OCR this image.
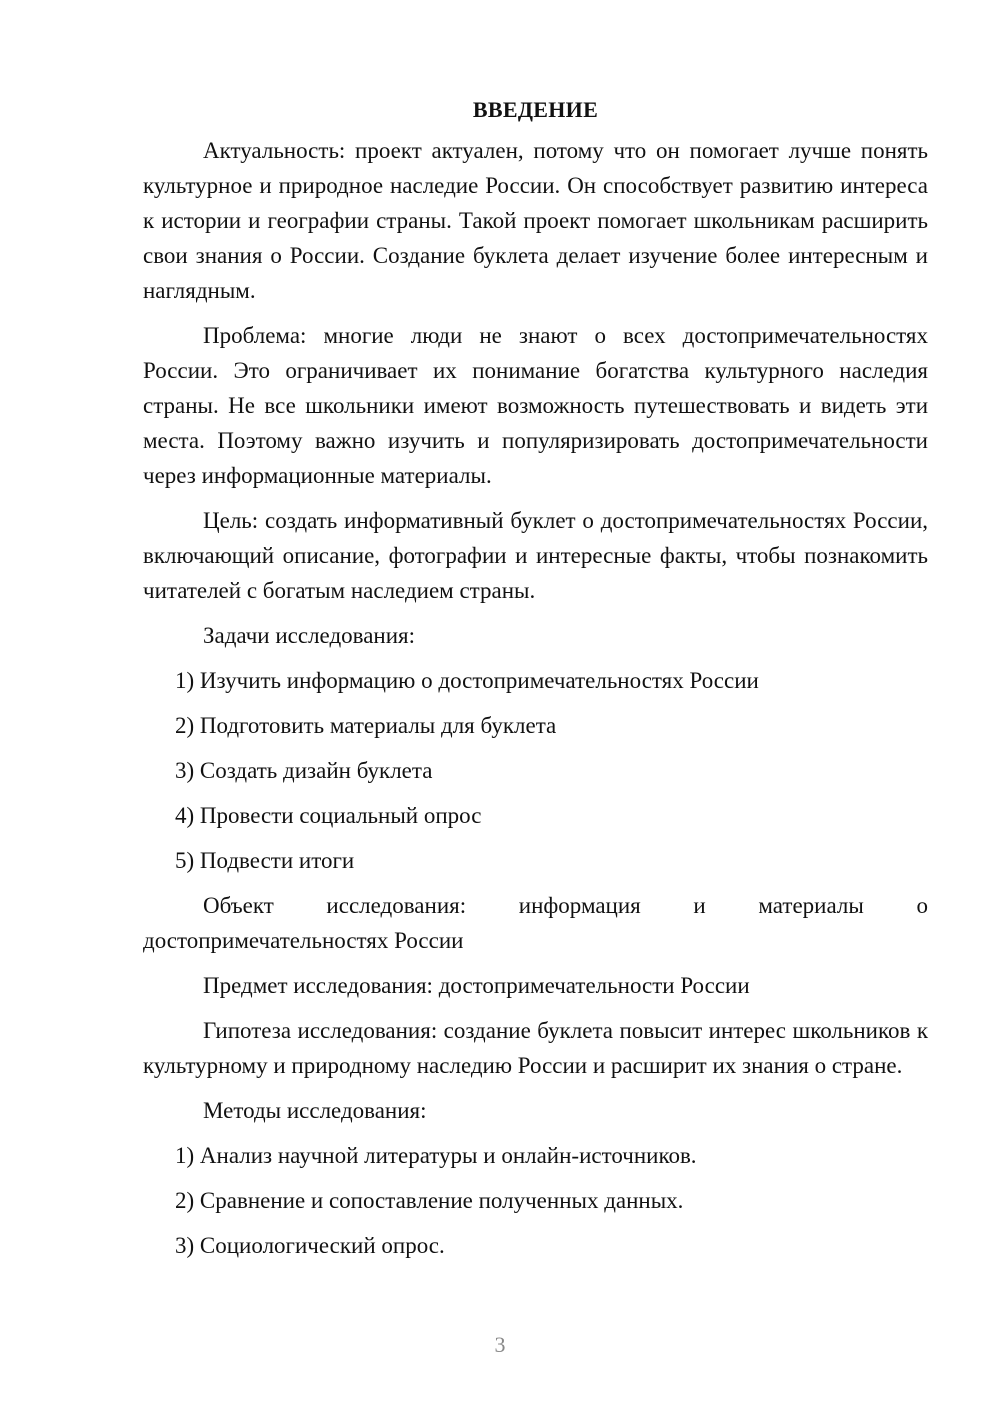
ВВЕДЕНИЕ

Актуальность: проект актуален, потому что он помогает лучше понять культурное и природное наследие России. Он способствует развитию интереса к истории и географии страны. Такой проект помогает школьникам расширить свои знания о России. Создание буклета делает изучение более интересным и наглядным.

Проблема: многие люди не знают о всех достопримечательностях России. Это ограничивает их понимание богатства культурного наследия страны. Не все школьники имеют возможность путешествовать и видеть эти места. Поэтому важно изучить и популяризировать достопримечательности через информационные материалы.

Цель: создать информативный буклет о достопримечательностях России, включающий описание, фотографии и интересные факты, чтобы познакомить читателей с богатым наследием страны.

Задачи исследования:

1) Изучить информацию о достопримечательностях России

2) Подготовить материалы для буклета

3) Создать дизайн буклета

4) Провести социальный опрос

5) Подвести итоги

Объект исследования: информация и материалы о достопримечательностях России

Предмет исследования: достопримечательности России

Гипотеза исследования: создание буклета повысит интерес школьников к культурному и природному наследию России и расширит их знания о стране.

Методы исследования:

1) Анализ научной литературы и онлайн-источников.

2) Сравнение и сопоставление полученных данных.

3) Социологический опрос.

3
